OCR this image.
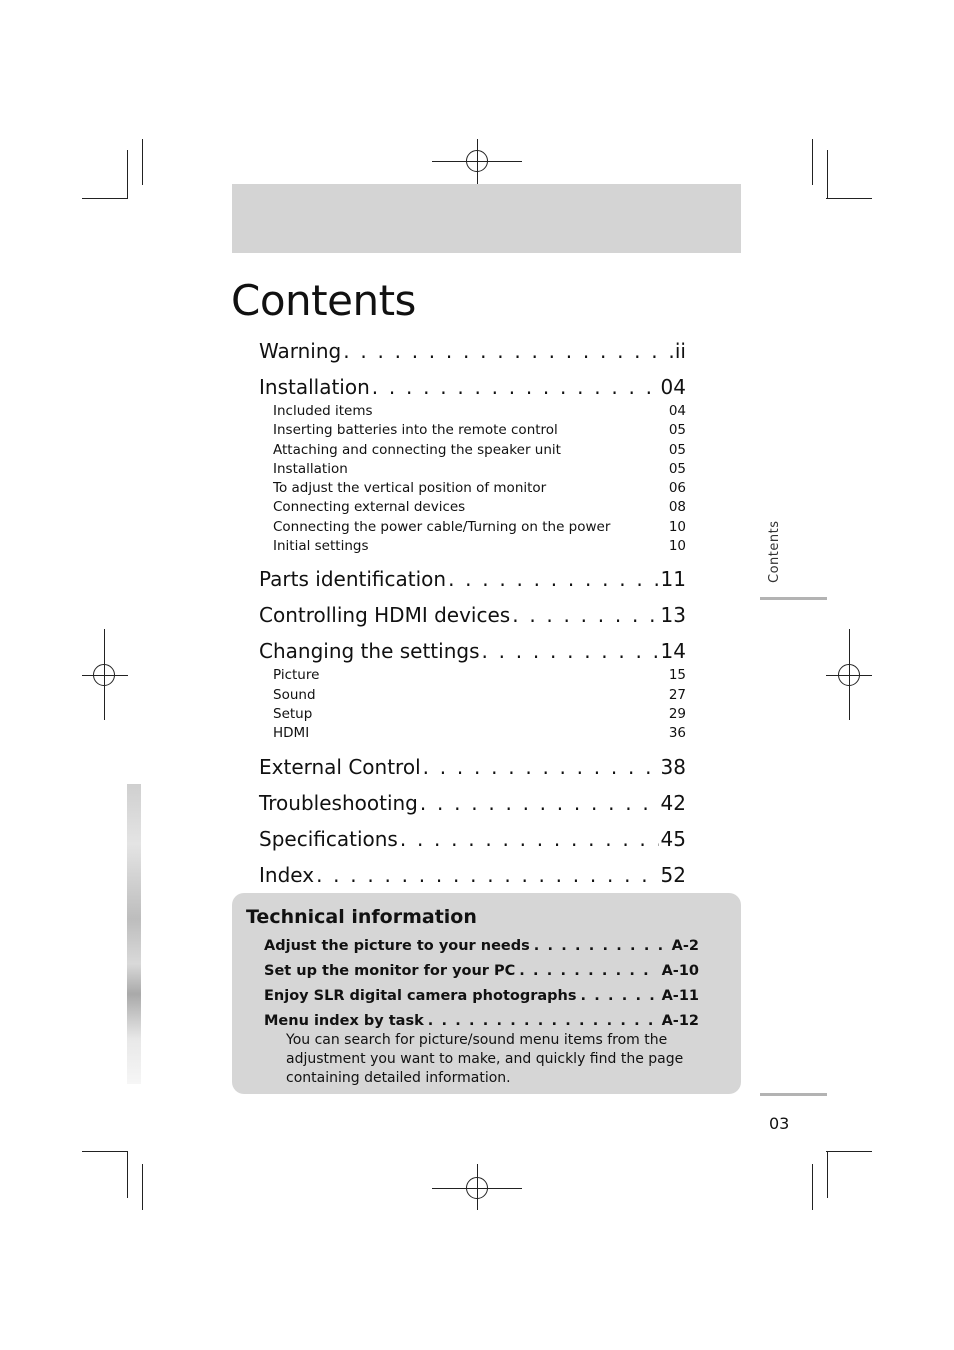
Contents
Warning . . .	ii
Installation . . .	04
Included items	04
Inserting batteries into the remote control	05
Attaching and connecting the speaker unit	05
Installation	05
To adjust the vertical position of monitor	06
Connecting external devices	08
Connecting the power cable/Turning on the power	10
Initial settings	10
Parts identification . . .	11
Controlling HDMI devices . . .	13
Changing the settings . . .	14
Picture	15
Sound	27
Setup	29
HDMI	36
External Control . . .	38
Troubleshooting . . .	42
Specifications . . .	45
Index . . .	52
Technical information
Adjust the picture to your needs . . .	A-2
Set up the monitor for your PC . . .	A-10
Enjoy SLR digital camera photographs . . .	A-11
Menu index by task . . .	A-12
You can search for picture/sound menu items from the adjustment you want to make, and quickly find the page containing detailed information.
Contents
03
